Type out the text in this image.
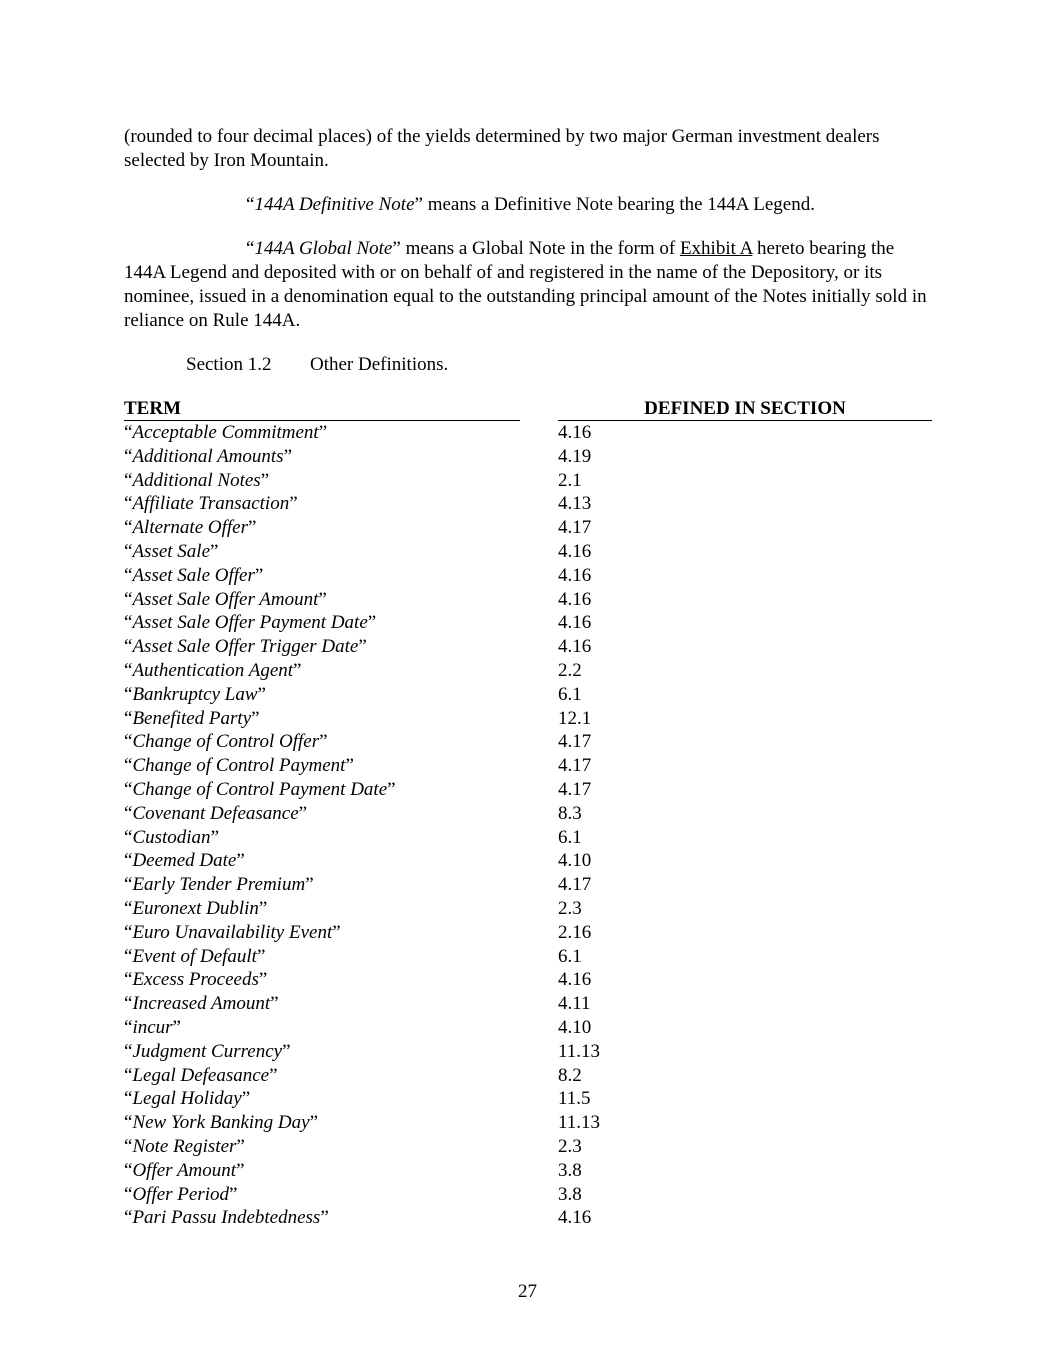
(rounded to four decimal places) of the yields determined by two major German investment dealers selected by Iron Mountain.

“144A Definitive Note” means a Definitive Note bearing the 144A Legend.

“144A Global Note” means a Global Note in the form of Exhibit A hereto bearing the 144A Legend and deposited with or on behalf of and registered in the name of the Depository, or its nominee, issued in a denomination equal to the outstanding principal amount of the Notes initially sold in reliance on Rule 144A.

Section 1.2 Other Definitions.
TERM	DEFINED IN SECTION
“Acceptable Commitment”	4.16
“Additional Amounts”	4.19
“Additional Notes”	2.1
“Affiliate Transaction”	4.13
“Alternate Offer”	4.17
“Asset Sale”	4.16
“Asset Sale Offer”	4.16
“Asset Sale Offer Amount”	4.16
“Asset Sale Offer Payment Date”	4.16
“Asset Sale Offer Trigger Date”	4.16
“Authentication Agent”	2.2
“Bankruptcy Law”	6.1
“Benefited Party”	12.1
“Change of Control Offer”	4.17
“Change of Control Payment”	4.17
“Change of Control Payment Date”	4.17
“Covenant Defeasance”	8.3
“Custodian”	6.1
“Deemed Date”	4.10
“Early Tender Premium”	4.17
“Euronext Dublin”	2.3
“Euro Unavailability Event”	2.16
“Event of Default”	6.1
“Excess Proceeds”	4.16
“Increased Amount”	4.11
“incur”	4.10
“Judgment Currency”	11.13
“Legal Defeasance”	8.2
“Legal Holiday”	11.5
“New York Banking Day”	11.13
“Note Register”	2.3
“Offer Amount”	3.8
“Offer Period”	3.8
“Pari Passu Indebtedness”	4.16
27
